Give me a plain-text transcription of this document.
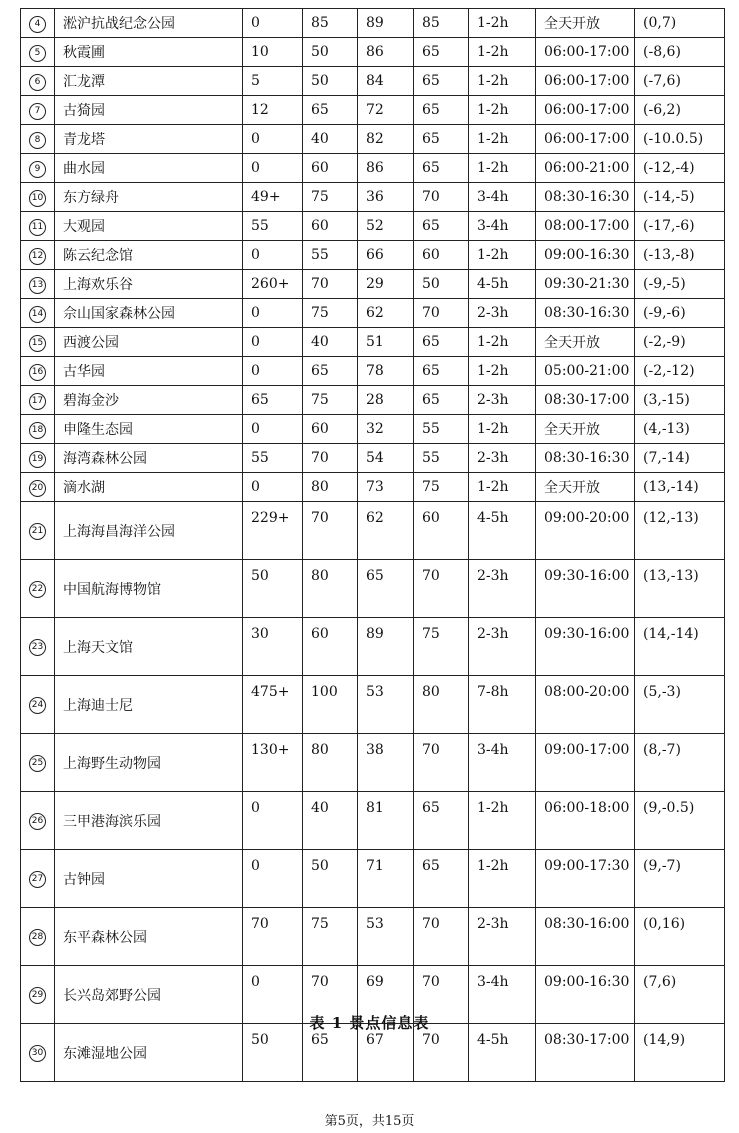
4	淞沪抗战纪念公园	0	85	89	85	1-2h	全天开放	(0,7)
5	秋霞圃	10	50	86	65	1-2h	06:00-17:00	(-8,6)
6	汇龙潭	5	50	84	65	1-2h	06:00-17:00	(-7,6)
7	古猗园	12	65	72	65	1-2h	06:00-17:00	(-6,2)
8	青龙塔	0	40	82	65	1-2h	06:00-17:00	(-10.0.5)
9	曲水园	0	60	86	65	1-2h	06:00-21:00	(-12,-4)
10	东方绿舟	49+	75	36	70	3-4h	08:30-16:30	(-14,-5)
11	大观园	55	60	52	65	3-4h	08:00-17:00	(-17,-6)
12	陈云纪念馆	0	55	66	60	1-2h	09:00-16:30	(-13,-8)
13	上海欢乐谷	260+	70	29	50	4-5h	09:30-21:30	(-9,-5)
14	佘山国家森林公园	0	75	62	70	2-3h	08:30-16:30	(-9,-6)
15	西渡公园	0	40	51	65	1-2h	全天开放	(-2,-9)
16	古华园	0	65	78	65	1-2h	05:00-21:00	(-2,-12)
17	碧海金沙	65	75	28	65	2-3h	08:30-17:00	(3,-15)
18	申隆生态园	0	60	32	55	1-2h	全天开放	(4,-13)
19	海湾森林公园	55	70	54	55	2-3h	08:30-16:30	(7,-14)
20	滴水湖	0	80	73	75	1-2h	全天开放	(13,-14)
21	上海海昌海洋公园	229+	70	62	60	4-5h	09:00-20:00	(12,-13)
22	中国航海博物馆	50	80	65	70	2-3h	09:30-16:00	(13,-13)
23	上海天文馆	30	60	89	75	2-3h	09:30-16:00	(14,-14)
24	上海迪士尼	475+	100	53	80	7-8h	08:00-20:00	(5,-3)
25	上海野生动物园	130+	80	38	70	3-4h	09:00-17:00	(8,-7)
26	三甲港海滨乐园	0	40	81	65	1-2h	06:00-18:00	(9,-0.5)
27	古钟园	0	50	71	65	1-2h	09:00-17:30	(9,-7)
28	东平森林公园	70	75	53	70	2-3h	08:30-16:00	(0,16)
29	长兴岛郊野公园	0	70	69	70	3-4h	09:00-16:30	(7,6)
30	东滩湿地公园	50	65	67	70	4-5h	08:30-17:00	(14,9)
表 1 景点信息表
第5页，共15页
